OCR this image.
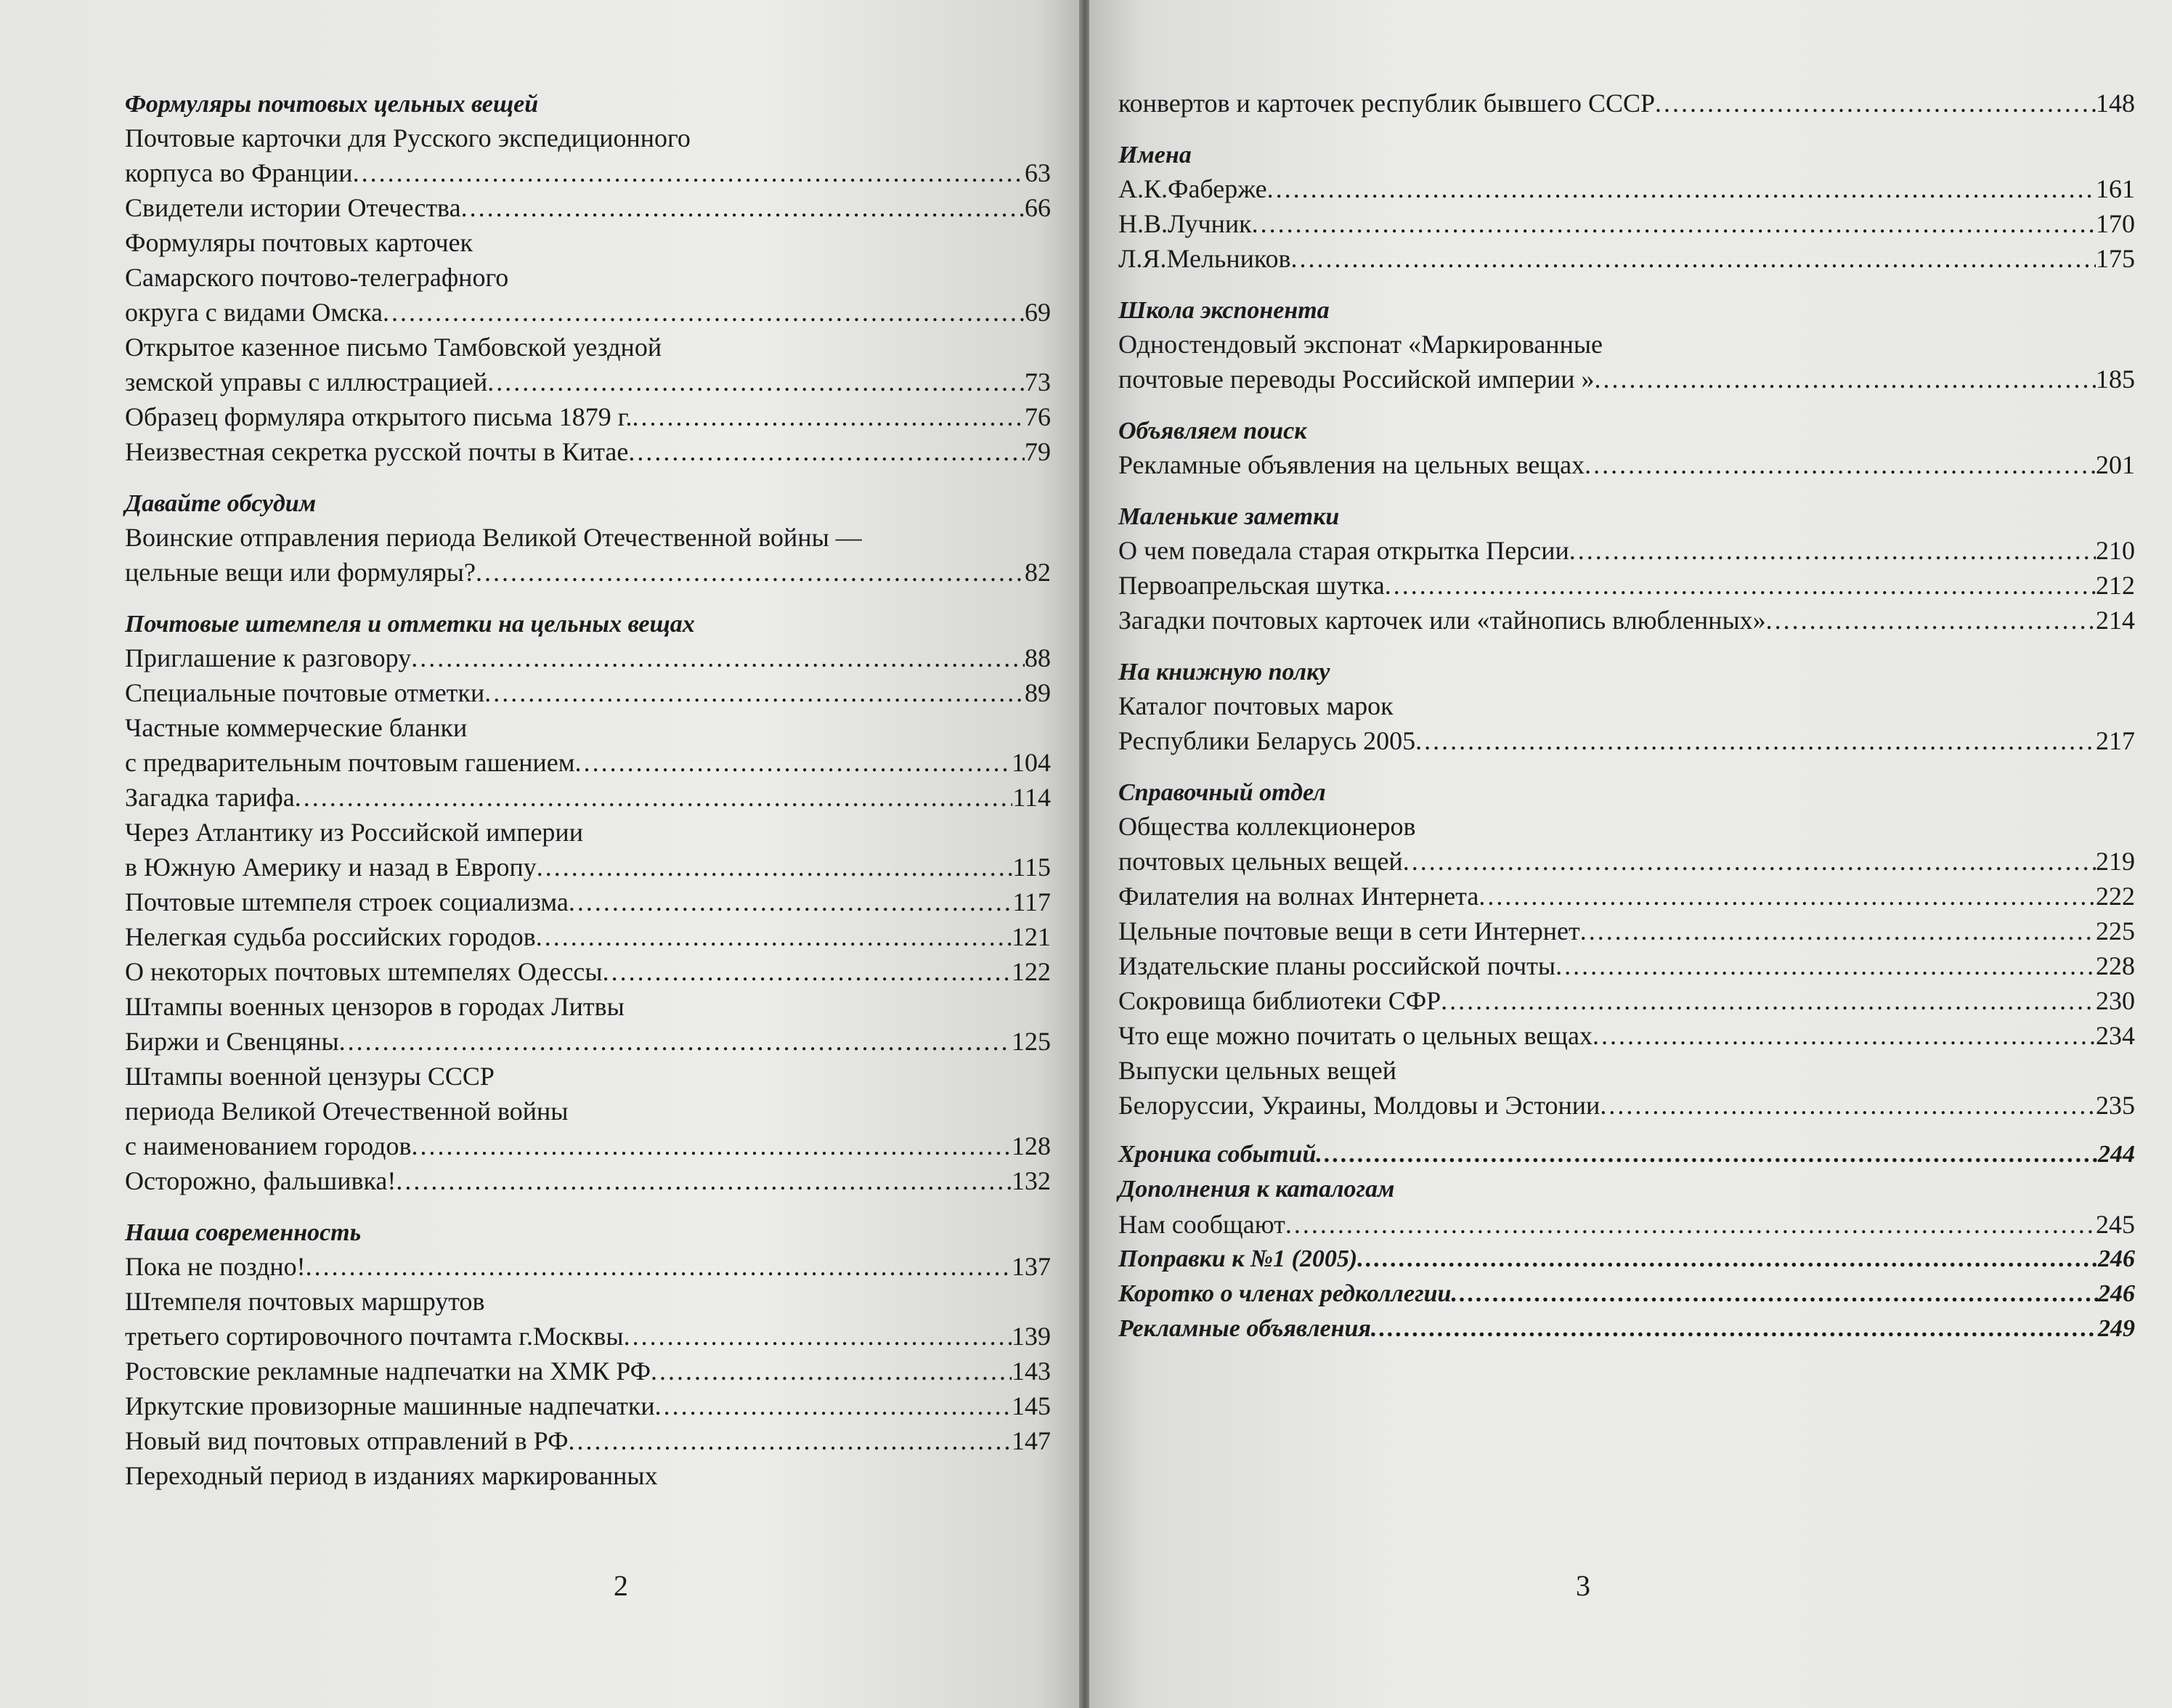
Формуляры почтовых цельных вещей
Почтовые карточки для Русского экспедиционного
корпуса во Франции .....	63
Свидетели истории Отечества .....	66
Формуляры почтовых карточек
Самарского почтово-телеграфного
округа с видами Омска .....	69
Открытое казенное письмо Тамбовской уездной
земской управы с иллюстрацией .....	73
Образец формуляра открытого письма 1879 г. .....	76
Неизвестная секретка русской почты в Китае .....	79
Давайте обсудим
Воинские отправления периода Великой Отечественной войны —
цельные вещи или формуляры? .....	82
Почтовые штемпеля и отметки на цельных вещах
Приглашение к разговору .....	88
Специальные почтовые отметки .....	89
Частные коммерческие бланки
с предварительным почтовым гашением .....	104
Загадка тарифа .....	114
Через Атлантику из Российской империи
в Южную Америку и назад в Европу .....	115
Почтовые штемпеля строек социализма .....	117
Нелегкая судьба российских городов .....	121
О некоторых почтовых штемпелях Одессы .....	122
Штампы военных цензоров в городах Литвы
Биржи и Свенцяны .....	125
Штампы военной цензуры СССР
периода Великой Отечественной войны
с наименованием городов .....	128
Осторожно, фальшивка! .....	132
Наша современность
Пока не поздно! .....	137
Штемпеля почтовых маршрутов
третьего сортировочного почтамта г.Москвы .....	139
Ростовские рекламные надпечатки на ХМК РФ .....	143
Иркутские провизорные машинные надпечатки .....	145
Новый вид почтовых отправлений в РФ .....	147
Переходный период в изданиях маркированных
2
конвертов и карточек республик бывшего СССР .....	148
Имена
А.К.Фаберже .....	161
Н.В.Лучник .....	170
Л.Я.Мельников .....	175
Школа экспонента
Одностендовый экспонат «Маркированные
почтовые переводы Российской империи » .....	185
Объявляем поиск
Рекламные объявления на цельных вещах .....	201
Маленькие заметки
О чем поведала старая открытка Персии .....	210
Первоапрельская шутка .....	212
Загадки почтовых карточек или «тайнопись влюбленных» .....	214
На книжную полку
Каталог почтовых марок
Республики Беларусь 2005 .....	217
Справочный отдел
Общества коллекционеров
почтовых цельных вещей .....	219
Филателия на волнах Интернета .....	222
Цельные почтовые вещи в сети Интернет .....	225
Издательские планы российской почты .....	228
Сокровища библиотеки СФР .....	230
Что еще можно почитать о цельных вещах .....	234
Выпуски цельных вещей
Белоруссии, Украины, Молдовы и Эстонии .....	235
Хроника событий .....	244
Дополнения к каталогам
Нам сообщают .....	245
Поправки к №1 (2005) .....	246
Коротко о членах редколлегии .....	246
Рекламные объявления .....	249
3
